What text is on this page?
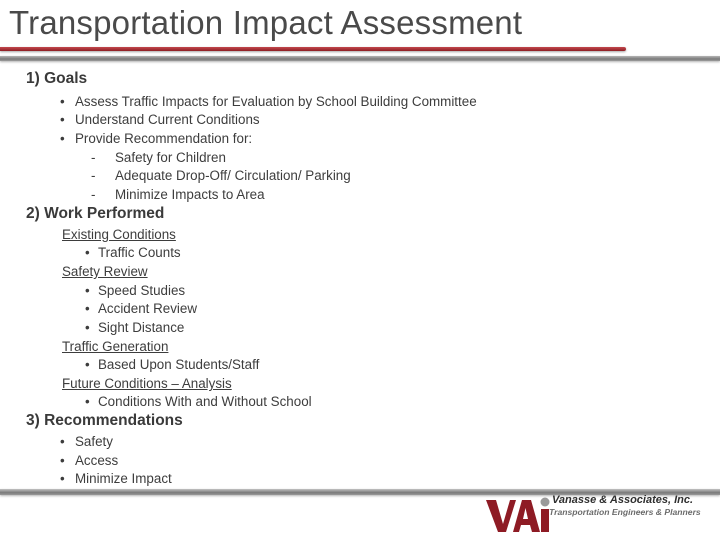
Transportation Impact Assessment
1) Goals
• Assess Traffic Impacts for Evaluation by School Building Committee
• Understand Current Conditions
• Provide Recommendation for:
- Safety for Children
- Adequate Drop-Off/ Circulation/ Parking
- Minimize Impacts to Area
2) Work Performed
Existing Conditions
• Traffic Counts
Safety Review
• Speed Studies
• Accident Review
• Sight Distance
Traffic Generation
• Based Upon Students/Staff
Future Conditions – Analysis
• Conditions With and Without School
3) Recommendations
• Safety
• Access
• Minimize Impact
Vanasse & Associates, Inc.
Transportation Engineers & Planners
